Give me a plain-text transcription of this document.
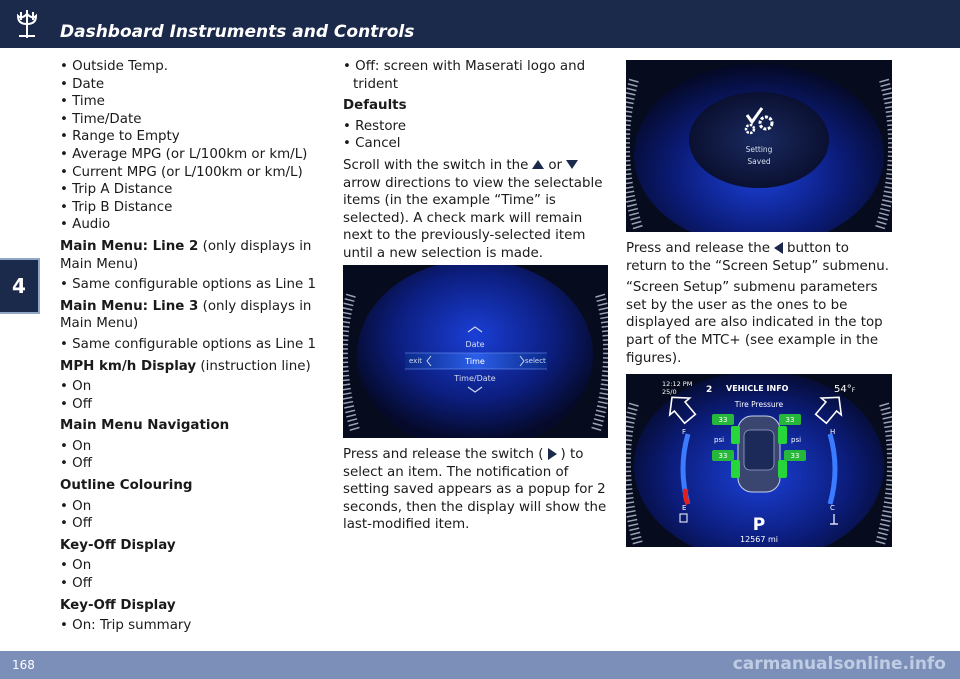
Dashboard Instruments and Controls
4

• Outside Temp.

• Date

• Time

• Time/Date

• Range to Empty

• Average MPG (or L/100km or km/L)

• Current MPG (or L/100km or km/L)

• Trip A Distance

• Trip B Distance

• Audio

Main Menu: Line 2 (only displays in Main Menu)

• Same configurable options as Line 1

Main Menu: Line 3 (only displays in Main Menu)

• Same configurable options as Line 1

MPH km/h Display (instruction line)

• On

• Off

Main Menu Navigation

• On

• Off

Outline Colouring

• On

• Off

Key-Off Display

• On

• Off

Key-Off Display

• On: Trip summary

• Off: screen with Maserati logo and trident

Defaults

• Restore

• Cancel

Scroll with the switch in the orarrow directions to view the selectable items (in the example “Time” is selected). A check mark will remain next to the previously-selected item until a new selection is made.

Press and release the switch ( ) to select an item. The notification of setting saved appears as a popup for 2 seconds, then the display will show the last-modified item.
Date
Time
exit	select
Time/Date
Setting
Saved

Press and release the button to return to the “Screen Setup” submenu.

“Screen Setup” submenu parameters set by the user as the ones to be displayed are also indicated in the top part of the MTC+ (see example in the figures).

12:12 PM
25/0	2 VEHICLE INFO	54°F
Tire Pressure
33	33
33	33
psi	psi
F
E
H
C
P
12567 mi
168	carmanualsonline.info
